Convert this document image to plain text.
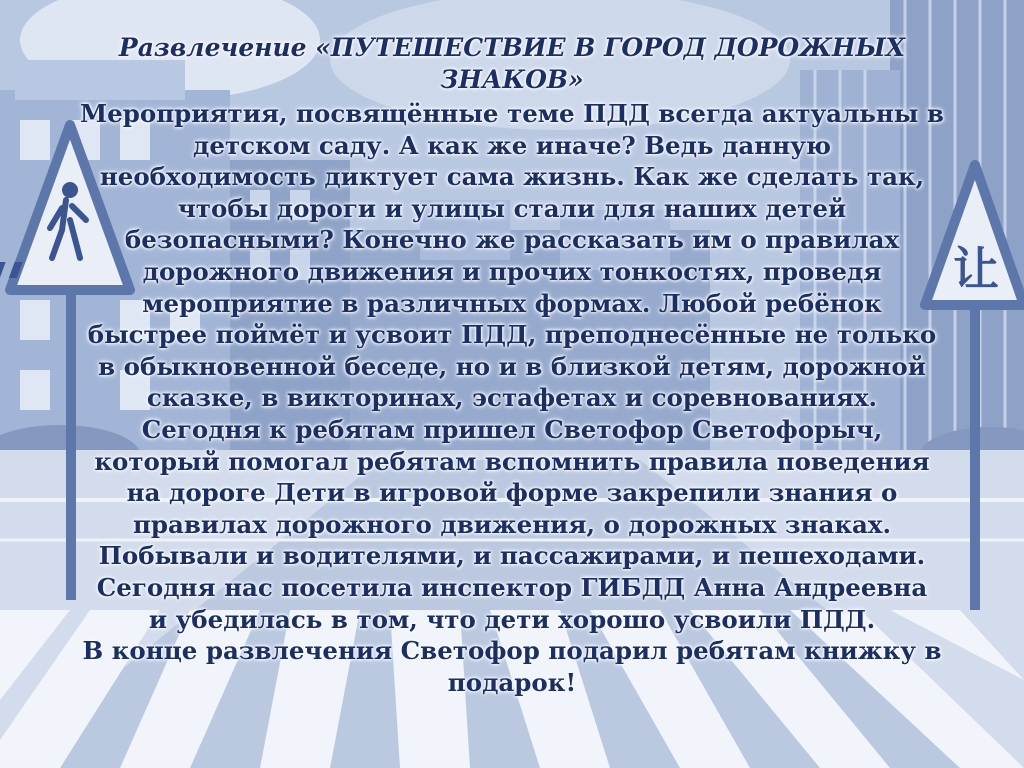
让
Развлечение «ПУТЕШЕСТВИЕ В ГОРОД ДОРОЖНЫХ
ЗНАКОВ»

Мероприятия, посвящённые теме ПДД всегда актуальны в
детском саду. А как же иначе? Ведь данную
необходимость диктует сама жизнь. Как же сделать так,
чтобы дороги и улицы стали для наших детей
безопасными? Конечно же рассказать им о правилах
дорожного движения и прочих тонкостях, проведя
мероприятие в различных формах. Любой ребёнок
быстрее поймёт и усвоит ПДД, преподнесённые не только
в обыкновенной беседе, но и в близкой детям, дорожной
сказке, в викторинах, эстафетах и соревнованиях.
Сегодня к ребятам пришел Светофор Светофорыч,
который помогал ребятам вспомнить правила поведения
на дороге Дети в игровой форме закрепили знания о
правилах дорожного движения, о дорожных знаках.
Побывали и водителями, и пассажирами, и пешеходами.
Сегодня нас посетила инспектор ГИБДД Анна Андреевна
и убедилась в том, что дети хорошо усвоили ПДД.
В конце развлечения Светофор подарил ребятам книжку в
подарок!
